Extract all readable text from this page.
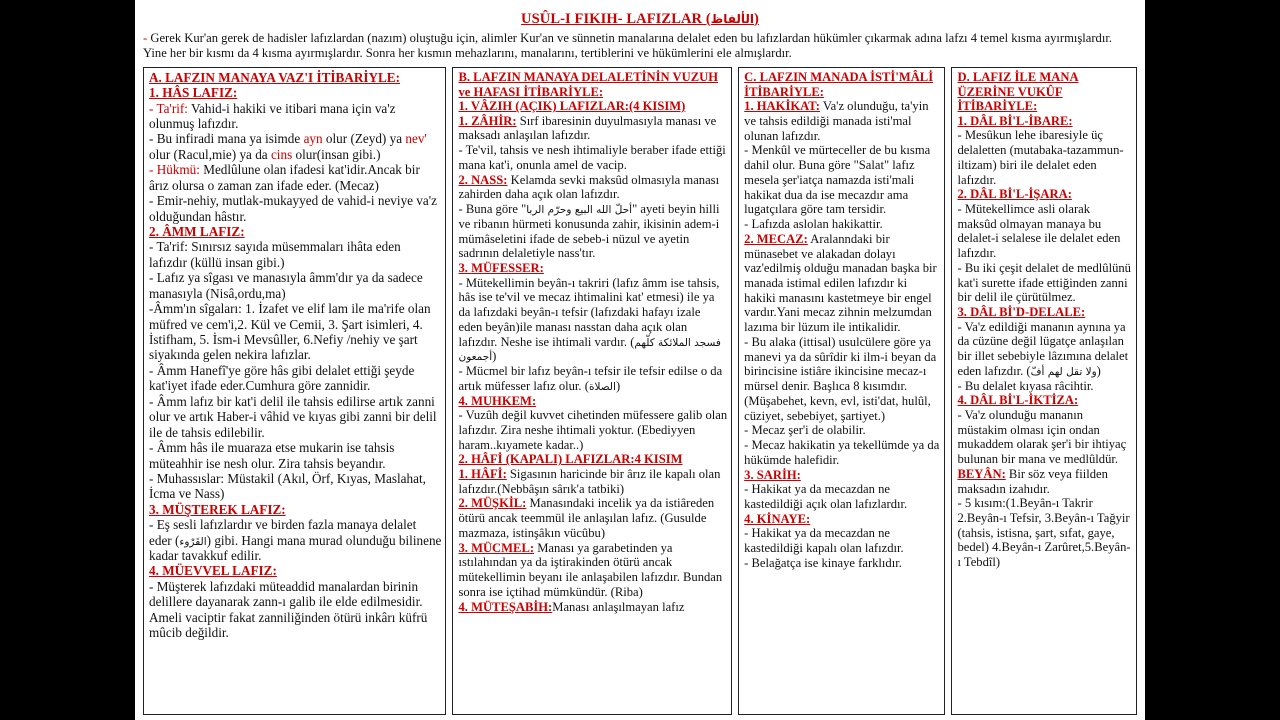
USÛL-I FIKIH- LAFIZLAR (الألفاظ)

- Gerek Kur'an gerek de hadisler lafızlardan (nazım) oluştuğu için, alimler Kur'an ve sünnetin manalarına delalet eden bu lafızlardan hükümler çıkarmak adına lafzı 4 temel kısma ayırmışlardır. Yine her bir kısmı da 4 kısma ayırmışlardır. Sonra her kısmın mehazlarını, manalarını, tertiblerini ve hükümlerini ele almışlardır.

A. LAFZIN MANAYA VAZ'I İTİBARİYLE:
1. HÂS LAFIZ:

- Ta'rif: Vahid-i hakiki ve itibari mana için va'z olunmuş lafızdır.

- Bu infiradi mana ya isimde ayn olur (Zeyd) ya nev' olur (Racul,mie) ya da cins olur(insan gibi.)

- Hükmü: Medlûlune olan ifadesi kat'idir.Ancak bir ârız olursa o zaman zan ifade eder. (Mecaz)

- Emir-nehiy, mutlak-mukayyed de vahid-i neviye va'z olduğundan hâstır.

2. ÂMM LAFIZ:

- Ta'rif: Sınırsız sayıda müsemmaları ihâta eden lafızdır (küllü insan gibi.)

- Lafız ya sîgası ve manasıyla âmm'dır ya da sadece manasıyla (Nisâ,ordu,ma)

-Âmm'ın sîgaları: 1. İzafet ve elif lam ile ma'rife olan müfred ve cem'i,2. Kül ve Cemii, 3. Şart isimleri, 4. İstifham, 5. İsm-i Mevsûller, 6.Nefiy /nehiy ve şart siyakında gelen nekira lafızlar.

- Âmm Hanefî'ye göre hâs gibi delalet ettiği şeyde kat'iyet ifade eder.Cumhura göre zannidir.

- Âmm lafız bir kat'i delil ile tahsis edilirse artık zanni olur ve artık Haber-i vâhid ve kıyas gibi zanni bir delil ile de tahsis edilebilir.

- Âmm hâs ile muaraza etse mukarin ise tahsis müteahhir ise nesh olur. Zira tahsis beyandır.

- Muhassıslar: Müstakil (Akıl, Örf, Kıyas, Maslahat, İcma ve Nass)

3. MÜŞTEREK LAFIZ:

- Eş sesli lafızlardır ve birden fazla manaya delalet eder (القَرْوء) gibi. Hangi mana murad olunduğu bilinene kadar tavakkuf edilir.

4. MÜEVVEL LAFIZ:

- Müşterek lafızdaki müteaddid manalardan birinin delillere dayanarak zann-ı galib ile elde edilmesidir. Ameli vaciptir fakat zanniliğinden ötürü inkârı küfrü mûcib değildir.

B. LAFZIN MANAYA DELALETİNİN VUZUH ve HAFASI İTİBARİYLE:
1. VÂZIH (AÇIK) LAFIZLAR:(4 KISIM)

1. ZÂHİR: Sırf ibaresinin duyulmasıyla manası ve maksadı anlaşılan lafızdır.

- Te'vil, tahsis ve nesh ihtimaliyle beraber ifade ettiği mana kat'i, onunla amel de vacip.

2. NASS: Kelamda sevki maksûd olmasıyla manası zahirden daha açık olan lafızdır.

- Buna göre "أحلّ الله البيع وحرّم الربا" ayeti beyin hilli ve ribanın hürmeti konusunda zahir, ikisinin adem-i mümâseletini ifade de sebeb-i nüzul ve ayetin sadrının delaletiyle nass'tır.

3. MÜFESSER:

- Mütekellimin beyân-ı takriri (lafız âmm ise tahsis, hâs ise te'vil ve mecaz ihtimalini kat' etmesi) ile ya da lafızdaki beyân-ı tefsir (lafızdaki hafayı izale eden beyân)ile manası nasstan daha açık olan lafızdır. Neshe ise ihtimali vardır. (فسجد الملائكة كلّهم أجمعون)

- Mücmel bir lafız beyân-ı tefsir ile tefsir edilse o da artık müfesser lafız olur. (الصلاة)

4. MUHKEM:

- Vuzûh değil kuvvet cihetinden müfessere galib olan lafızdır. Zira neshe ihtimali yoktur. (Ebediyyen haram..kıyamete kadar..)

2. HÂFİ (KAPALI) LAFIZLAR:4 KISIM

1. HÂFİ: Sigasının haricinde bir ârız ile kapalı olan lafızdır.(Nebbâşın sârık'a tatbiki)

2. MÜŞKİL: Manasındaki incelik ya da istiâreden ötürü ancak teemmül ile anlaşılan lafız. (Gusulde mazmaza, istinşâkın vücûbu)

3. MÜCMEL: Manası ya garabetinden ya ıstılahından ya da iştirakinden ötürü ancak mütekellimin beyanı ile anlaşabilen lafızdır. Bundan sonra ise içtihad mümkündür. (Riba)

4. MÜTEŞABİH:Manası anlaşılmayan lafız

C. LAFZIN MANADA İSTİ'MÂLİ İTİBARİYLE:

1. HAKİKAT: Va'z olunduğu, ta'yin ve tahsis edildiği manada isti'mal olunan lafızdır.

- Menkûl ve mürteceller de bu kısma dahil olur. Buna göre "Salat" lafız mesela şer'iatça namazda isti'mali hakikat dua da ise mecazdır ama lugatçılara göre tam tersidir.

- Lafızda aslolan hakikattir.

2. MECAZ: Aralanndaki bir münasebet ve alakadan dolayı vaz'edilmiş olduğu manadan başka bir manada istimal edilen lafızdır ki hakiki manasını kastetmeye bir engel vardır.Yani mecaz zihnin melzumdan lazıma bir lüzum ile intikalidir.

- Bu alaka (ittisal) usulcülere göre ya manevi ya da sûrîdir ki ilm-i beyan da birincisine istiâre ikincisine mecaz-ı mürsel denir. Başlıca 8 kısımdır. (Müşabehet, kevn, evl, isti'dat, hulûl, cüziyet, sebebiyet, şartiyet.)

- Mecaz şer'i de olabilir.

- Mecaz hakikatin ya tekellümde ya da hükümde halefidir.

3. SARİH:

- Hakikat ya da mecazdan ne kastedildiği açık olan lafızlardır.

4. KİNAYE:

- Hakikat ya da mecazdan ne kastedildiği kapalı olan lafızdır.

- Belağatça ise kinaye farklıdır.

D. LAFIZ İLE MANA ÜZERİNE VUKÛF İTİBARİYLE:
1. DÂL Bİ'L-İBARE:

- Mesûkun lehe ibaresiyle üç delaletten (mutabaka-tazammun-iltizam) biri ile delalet eden lafızdır.

2. DÂL Bİ'L-İŞARA:

- Mütekellimce asli olarak maksûd olmayan manaya bu delalet-i selalese ile delalet eden lafızdır.

- Bu iki çeşit delalet de medlûlünü kat'i surette ifade ettiğinden zanni bir delil ile çürütülmez.

3. DÂL Bİ'D-DELALE:

- Va'z edildiği mananın aynına ya da cüzüne değil lügatçe anlaşılan bir illet sebebiyle lâzımına delalet eden lafızdır. (ولا تقل لهم أفّ)

- Bu delalet kıyasa râcihtir.

4. DÂL Bİ'L-İKTİZA:

- Va'z olunduğu mananın müstakim olması için ondan mukaddem olarak şer'i bir ihtiyaç bulunan bir mana ve medlûldür.

BEYÂN: Bir söz veya fiilden maksadın izahıdır.

- 5 kısım:(1.Beyân-ı Takrir 2.Beyân-ı Tefsir, 3.Beyân-ı Tağyir (tahsis, istisna, şart, sıfat, gaye, bedel) 4.Beyân-ı Zarûret,5.Beyân-ı Tebdîl)
